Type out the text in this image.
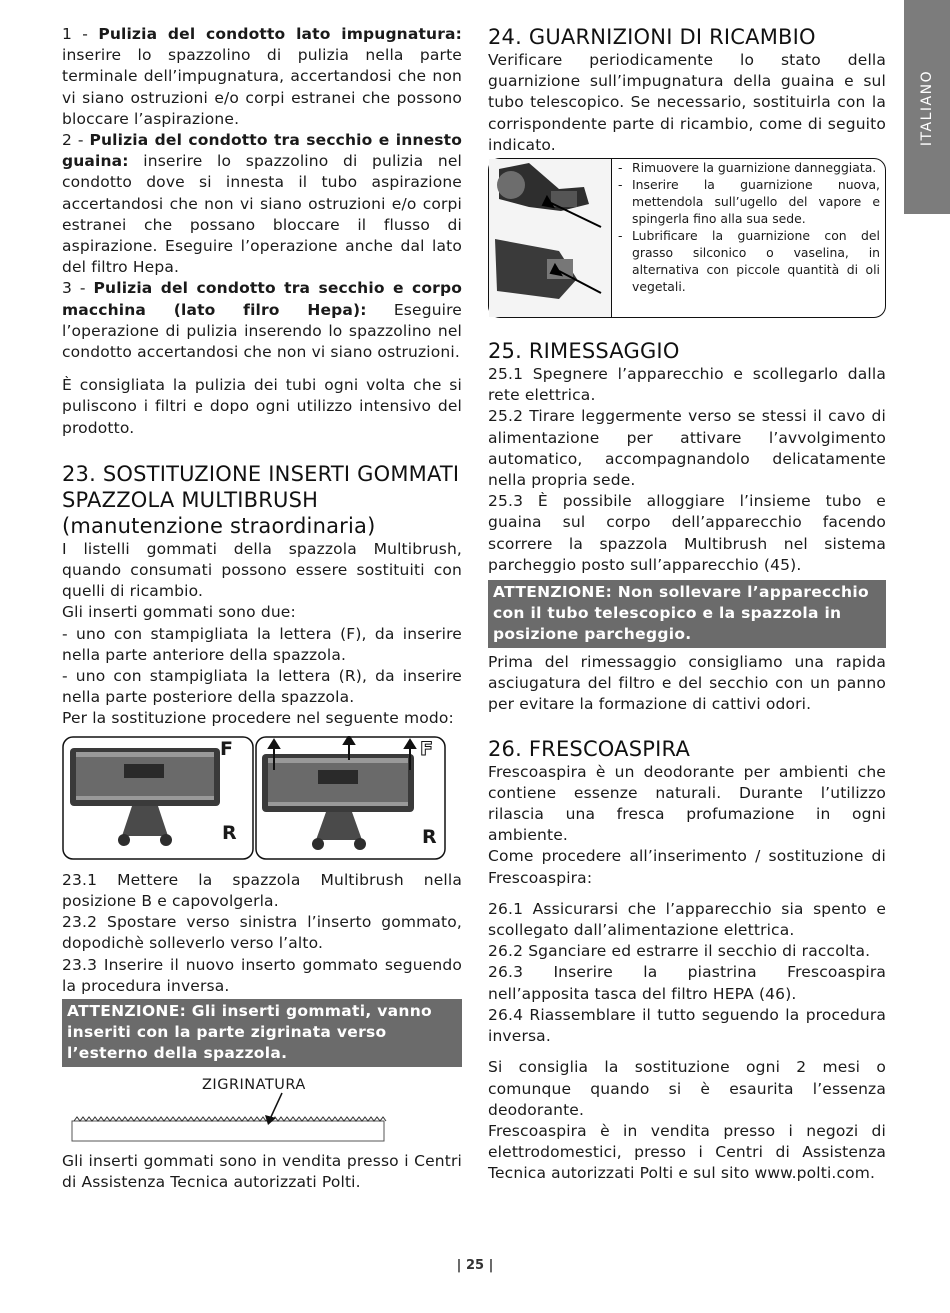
ITALIANO

1 - Pulizia del condotto lato impugnatura: inserire lo spazzolino di pulizia nella parte terminale dell’impugnatura, accertandosi che non vi siano ostruzioni e/o corpi estranei che possono bloccare l’aspirazione.

2 - Pulizia del condotto tra secchio e innesto guaina: inserire lo spazzolino di pulizia nel condotto dove si innesta il tubo aspirazione accertandosi che non vi siano ostruzioni e/o corpi estranei che possano bloccare il flusso di aspirazione. Eseguire l’operazione anche dal lato del filtro Hepa.

3 - Pulizia del condotto tra secchio e corpo macchina (lato filro Hepa): Eseguire l’operazione di pulizia inserendo lo spazzolino nel condotto accertandosi che non vi siano ostruzioni.

È consigliata la pulizia dei tubi ogni volta che si puliscono i filtri e dopo ogni utilizzo intensivo del prodotto.

23. SOSTITUZIONE INSERTI GOMMATI SPAZZOLA MULTIBRUSH (manutenzione straordinaria)

I listelli gommati della spazzola Multibrush, quando consumati possono essere sostituiti con quelli di ricambio.

Gli inserti gommati sono due:

- uno con stampigliata la lettera (F), da inserire nella parte anteriore della spazzola.

- uno con stampigliata la lettera (R), da inserire nella parte posteriore della spazzola.

Per la sostituzione procedere nel seguente modo:

F
R
F
R

23.1 Mettere la spazzola Multibrush nella posizione B e capovolgerla.

23.2 Spostare verso sinistra l’inserto gommato, dopodichè solleverlo verso l’alto.

23.3 Inserire il nuovo inserto gommato seguendo la procedura inversa.

ATTENZIONE: Gli inserti gommati, vanno inseriti con la parte zigrinata verso l’esterno della spazzola.
ZIGRINATURA

Gli inserti gommati sono in vendita presso i Centri di Assistenza Tecnica autorizzati Polti.

24. GUARNIZIONI DI RICAMBIO

Verificare periodicamente lo stato della guarnizione sull’impugnatura della guaina e sul tubo telescopico. Se necessario, sostituirla con la corrispondente parte di ricambio, come di seguito indicato.

- Rimuovere la guarnizione danneggiata.
- Inserire la guarnizione nuova, mettendola sull’ugello del vapore e spingerla fino alla sua sede.
- Lubrificare la guarnizione con del grasso silconico o vaselina, in alternativa con piccole quantità di oli vegetali.
25. RIMESSAGGIO

25.1 Spegnere l’apparecchio e scollegarlo dalla rete elettrica.

25.2 Tirare leggermente verso se stessi il cavo di alimentazione per attivare l’avvolgimento automatico, accompagnandolo delicatamente nella propria sede.

25.3 È possibile alloggiare l’insieme tubo e guaina sul corpo dell’apparecchio facendo scorrere la spazzola Multibrush nel sistema parcheggio posto sull’apparecchio (45).

ATTENZIONE: Non sollevare l’apparecchio con il tubo telescopico e la spazzola in posizione parcheggio.

Prima del rimessaggio consigliamo una rapida asciugatura del filtro e del secchio con un panno per evitare la formazione di cattivi odori.

26. FRESCOASPIRA

Frescoaspira è un deodorante per ambienti che contiene essenze naturali. Durante l’utilizzo rilascia una fresca profumazione in ogni ambiente.

Come procedere all’inserimento / sostituzione di Frescoaspira:

26.1 Assicurarsi che l’apparecchio sia spento e scollegato dall’alimentazione elettrica.

26.2 Sganciare ed estrarre il secchio di raccolta.

26.3 Inserire la piastrina Frescoaspira nell’apposita tasca del filtro HEPA (46).

26.4 Riassemblare il tutto seguendo la procedura inversa.

Si consiglia la sostituzione ogni 2 mesi o comunque quando si è esaurita l’essenza deodorante.

Frescoaspira è in vendita presso i negozi di elettrodomestici, presso i Centri di Assistenza Tecnica autorizzati Polti e sul sito www.polti.com.

| 25 |
